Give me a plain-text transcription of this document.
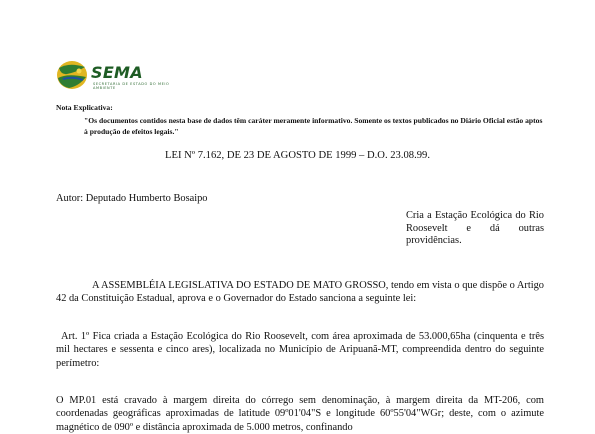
SEMA
SECRETARIA DE ESTADO DO MEIO AMBIENTE
Nota Explicativa:
"Os documentos contidos nesta base de dados têm caráter meramente informativo. Somente os textos publicados no Diário Oficial estão aptos à produção de efeitos legais."
LEI Nº 7.162, DE 23 DE AGOSTO DE 1999 – D.O. 23.08.99.
Autor: Deputado Humberto Bosaipo
Cria a Estação Ecológica do Rio Roosevelt e dá outras providências.
A ASSEMBLÉIA LEGISLATIVA DO ESTADO DE MATO GROSSO, tendo em vista o que dispõe o Artigo 42 da Constituição Estadual, aprova e o Governador do Estado sanciona a seguinte lei:
Art. 1º Fica criada a Estação Ecológica do Rio Roosevelt, com área aproximada de 53.000,65ha (cinquenta e três mil hectares e sessenta e cinco ares), localizada no Município de Aripuanã-MT, compreendida dentro do seguinte perímetro:
O MP.01 está cravado à margem direita do córrego sem denominação, à margem direita da MT-206, com coordenadas geográficas aproximadas de latitude 09º01'04"S e longitude 60º55'04"WGr; deste, com o azimute magnético de 090º e distância aproximada de 5.000 metros, confinando
